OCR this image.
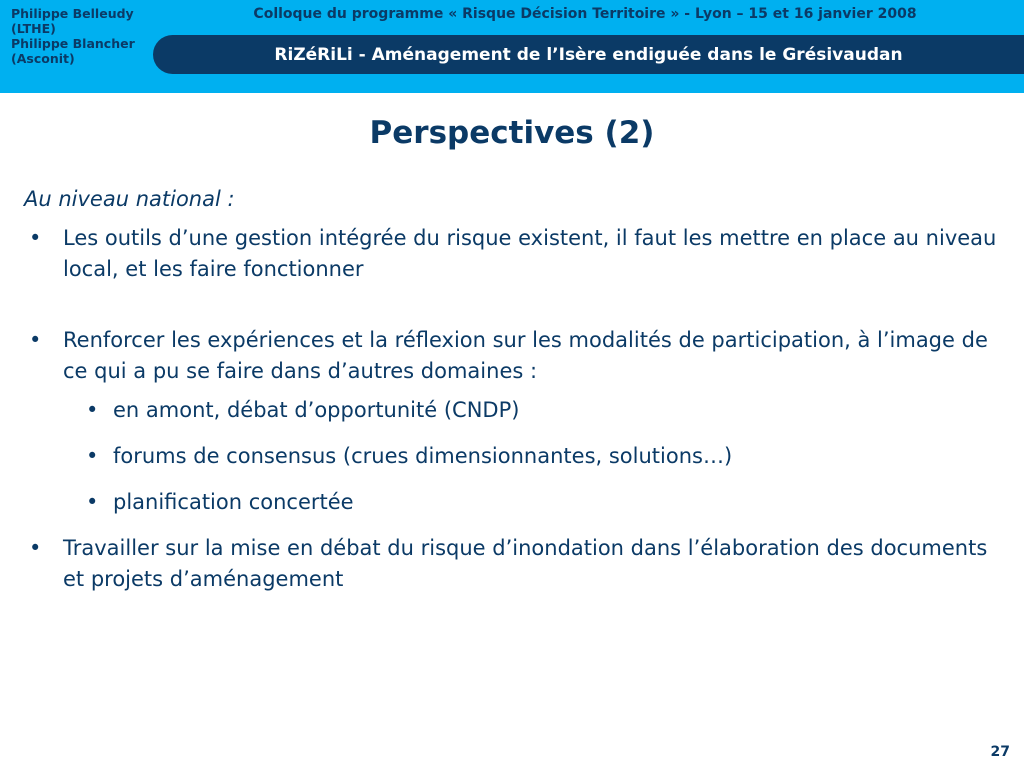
Philippe Belleudy
(LTHE)
Philippe Blancher
(Asconit)
Colloque du programme « Risque Décision Territoire » - Lyon – 15 et 16 janvier 2008
RiZéRiLi - Aménagement de l’Isère endiguée dans le Grésivaudan
Perspectives (2)
Au niveau national :
• Les outils d’une gestion intégrée du risque existent, il faut les mettre en place au niveau local, et les faire fonctionner
• Renforcer les expériences et la réflexion sur les modalités de participation, à l’image de ce qui a pu se faire dans d’autres domaines :
• en amont, débat d’opportunité (CNDP)
• forums de consensus (crues dimensionnantes, solutions…)
• planification concertée
• Travailler sur la mise en débat du risque d’inondation dans l’élaboration des documents et projets d’aménagement
27
